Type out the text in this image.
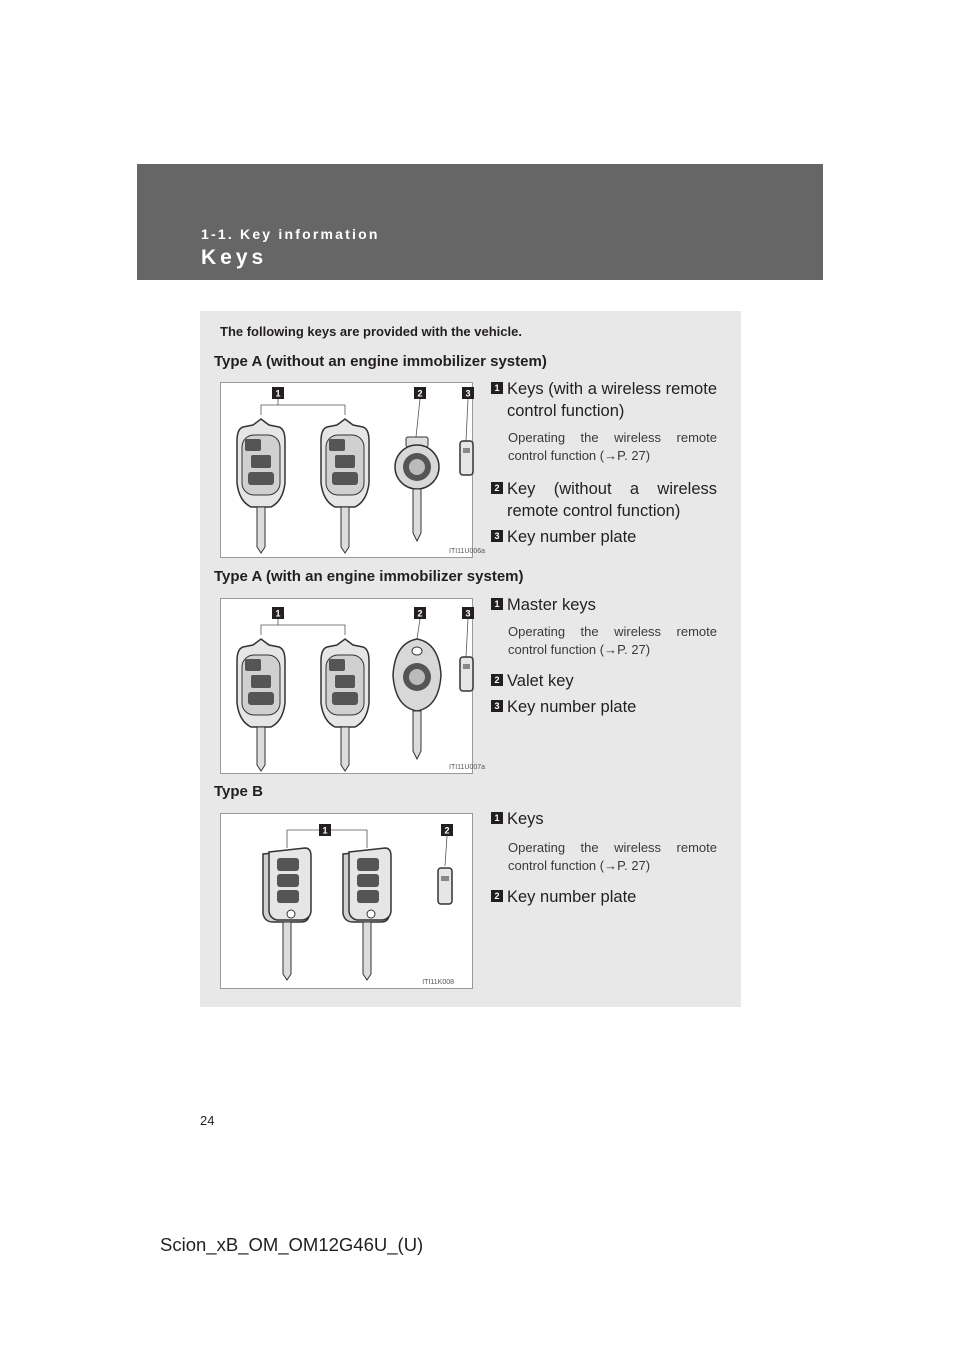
1-1. Key information
Keys
The following keys are provided with the vehicle.
Type A (without an engine immobilizer system)
1	2	3
ITI11U006a
1 Keys (with a wireless remote control function)
Operating the wireless remote control function (→P. 27)
2 Key (without a wireless remote control function)
3 Key number plate
Type A (with an engine immobilizer system)
1	2	3
ITI11U007a
1 Master keys
Operating the wireless remote control function (→P. 27)
2 Valet key
3 Key number plate
Type B
1	2
ITI11K008
1 Keys
Operating the wireless remote control function (→P. 27)
2 Key number plate
24
Scion_xB_OM_OM12G46U_(U)
